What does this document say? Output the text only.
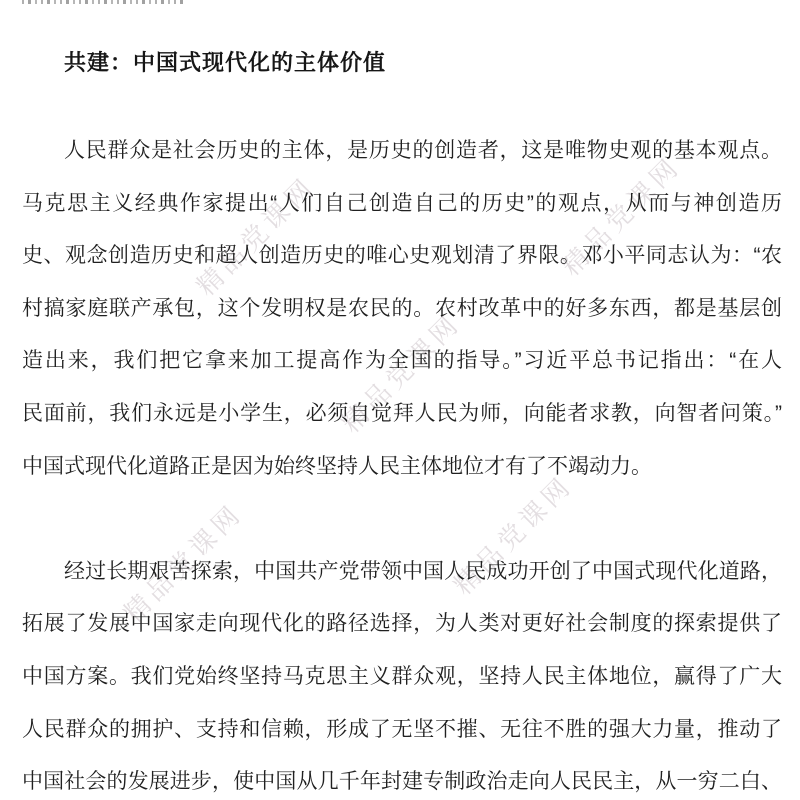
精品党课网	精品党课网
精品党课网
精品党课网	精品党课网
共建：中国式现代化的主体价值
人民群众是社会历史的主体，是历史的创造者，这是唯物史观的基本观点。
马克思主义经典作家提出“人们自己创造自己的历史”的观点，从而与神创造历
史、观念创造历史和超人创造历史的唯心史观划清了界限。邓小平同志认为：“农
村搞家庭联产承包，这个发明权是农民的。农村改革中的好多东西，都是基层创
造出来，我们把它拿来加工提高作为全国的指导。”习近平总书记指出：“在人
民面前，我们永远是小学生，必须自觉拜人民为师，向能者求教，向智者问策。”
中国式现代化道路正是因为始终坚持人民主体地位才有了不竭动力。
经过长期艰苦探索，中国共产党带领中国人民成功开创了中国式现代化道路，
拓展了发展中国家走向现代化的路径选择，为人类对更好社会制度的探索提供了
中国方案。我们党始终坚持马克思主义群众观，坚持人民主体地位，赢得了广大
人民群众的拥护、支持和信赖，形成了无坚不摧、无往不胜的强大力量，推动了
中国社会的发展进步，使中国从几千年封建专制政治走向人民民主，从一穷二白、
